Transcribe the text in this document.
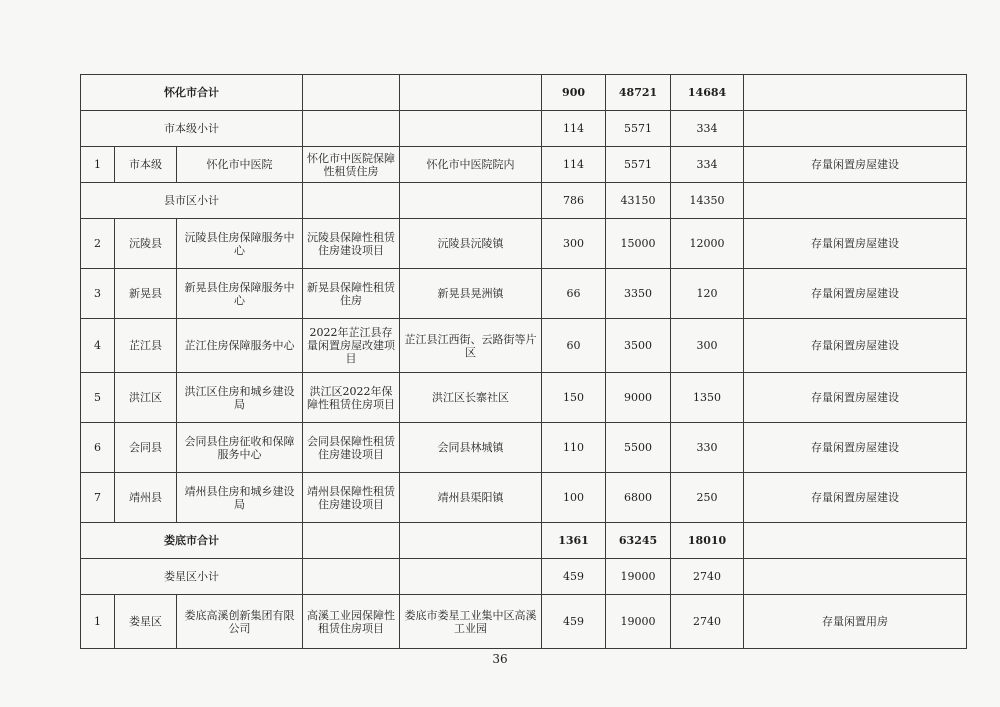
怀化市合计					900	48721	14684	
市本级小计					114	5571	334	
1	市本级	怀化市中医院	怀化市中医院保障性租赁住房	怀化市中医院院内	114	5571	334	存量闲置房屋建设
县市区小计					786	43150	14350	
2	沅陵县	沅陵县住房保障服务中心	沅陵县保障性租赁住房建设项目	沅陵县沅陵镇	300	15000	12000	存量闲置房屋建设
3	新晃县	新晃县住房保障服务中心	新晃县保障性租赁住房	新晃县晃洲镇	66	3350	120	存量闲置房屋建设
4	芷江县	芷江住房保障服务中心	2022年芷江县存量闲置房屋改建项目	芷江县江西街、云路街等片区	60	3500	300	存量闲置房屋建设
5	洪江区	洪江区住房和城乡建设局	洪江区2022年保障性租赁住房项目	洪江区长寨社区	150	9000	1350	存量闲置房屋建设
6	会同县	会同县住房征收和保障服务中心	会同县保障性租赁住房建设项目	会同县林城镇	110	5500	330	存量闲置房屋建设
7	靖州县	靖州县住房和城乡建设局	靖州县保障性租赁住房建设项目	靖州县渠阳镇	100	6800	250	存量闲置房屋建设
娄底市合计					1361	63245	18010	
娄星区小计					459	19000	2740	
1	娄星区	娄底高溪创新集团有限公司	高溪工业园保障性租赁住房项目	娄底市娄星工业集中区高溪工业园	459	19000	2740	存量闲置用房
36
